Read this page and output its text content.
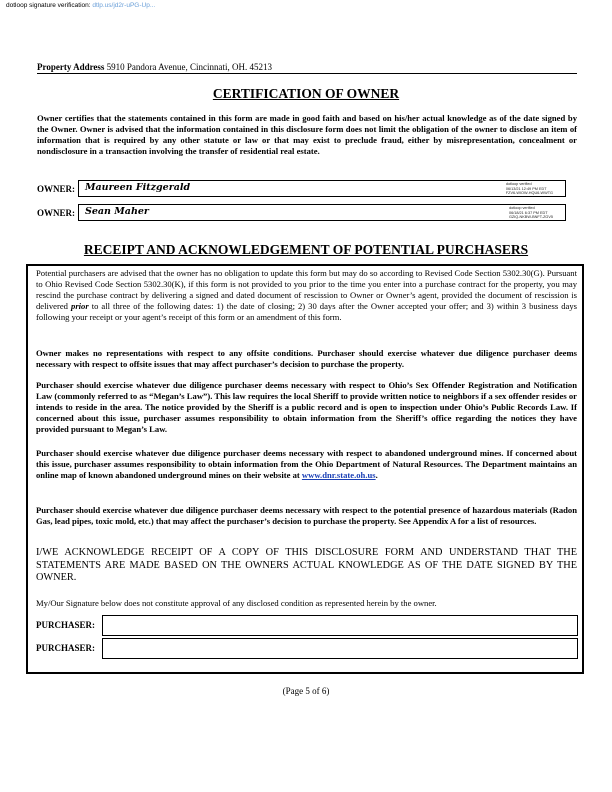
dotloop signature verification: dtlp.us/jd2r-uPG-Up...
Property Address 5910 Pandora Avenue, Cincinnati, OH. 45213
CERTIFICATION OF OWNER
Owner certifies that the statements contained in this form are made in good faith and based on his/her actual knowledge as of the date signed by the Owner. Owner is advised that the information contained in this disclosure form does not limit the obligation of the owner to disclose an item of information that is required by any other statute or law or that may exist to preclude fraud, either by misrepresentation, concealment or nondisclosure in a transaction involving the transfer of residential real estate.
OWNER: Maureen Fitzgerald	dotloop verified
06/13/21 12:49 PM EDT
FZV6-WIOW-HQU6-WWTG
OWNER: Sean Maher	dotloop verified
06/18/21 6:37 PM EDT
GZIQ-NKBW-BNFT-ZGV5
RECEIPT AND ACKNOWLEDGEMENT OF POTENTIAL PURCHASERS
Potential purchasers are advised that the owner has no obligation to update this form but may do so according to Revised Code Section 5302.30(G). Pursuant to Ohio Revised Code Section 5302.30(K), if this form is not provided to you prior to the time you enter into a purchase contract for the property, you may rescind the purchase contract by delivering a signed and dated document of rescission to Owner or Owner’s agent, provided the document of rescission is delivered prior to all three of the following dates: 1) the date of closing; 2) 30 days after the Owner accepted your offer; and 3) within 3 business days following your receipt or your agent’s receipt of this form or an amendment of this form.
Owner makes no representations with respect to any offsite conditions. Purchaser should exercise whatever due diligence purchaser deems necessary with respect to offsite issues that may affect purchaser’s decision to purchase the property.
Purchaser should exercise whatever due diligence purchaser deems necessary with respect to Ohio’s Sex Offender Registration and Notification Law (commonly referred to as “Megan’s Law”). This law requires the local Sheriff to provide written notice to neighbors if a sex offender resides or intends to reside in the area. The notice provided by the Sheriff is a public record and is open to inspection under Ohio’s Public Records Law. If concerned about this issue, purchaser assumes responsibility to obtain information from the Sheriff’s office regarding the notices they have provided pursuant to Megan’s Law.
Purchaser should exercise whatever due diligence purchaser deems necessary with respect to abandoned underground mines. If concerned about this issue, purchaser assumes responsibility to obtain information from the Ohio Department of Natural Resources. The Department maintains an online map of known abandoned underground mines on their website at www.dnr.state.oh.us.
Purchaser should exercise whatever due diligence purchaser deems necessary with respect to the potential presence of hazardous materials (Radon Gas, lead pipes, toxic mold, etc.) that may affect the purchaser’s decision to purchase the property. See Appendix A for a list of resources.
I/WE ACKNOWLEDGE RECEIPT OF A COPY OF THIS DISCLOSURE FORM AND UNDERSTAND THAT THE STATEMENTS ARE MADE BASED ON THE OWNERS ACTUAL KNOWLEDGE AS OF THE DATE SIGNED BY THE OWNER.
My/Our Signature below does not constitute approval of any disclosed condition as represented herein by the owner.
PURCHASER:
PURCHASER:
(Page 5 of 6)
